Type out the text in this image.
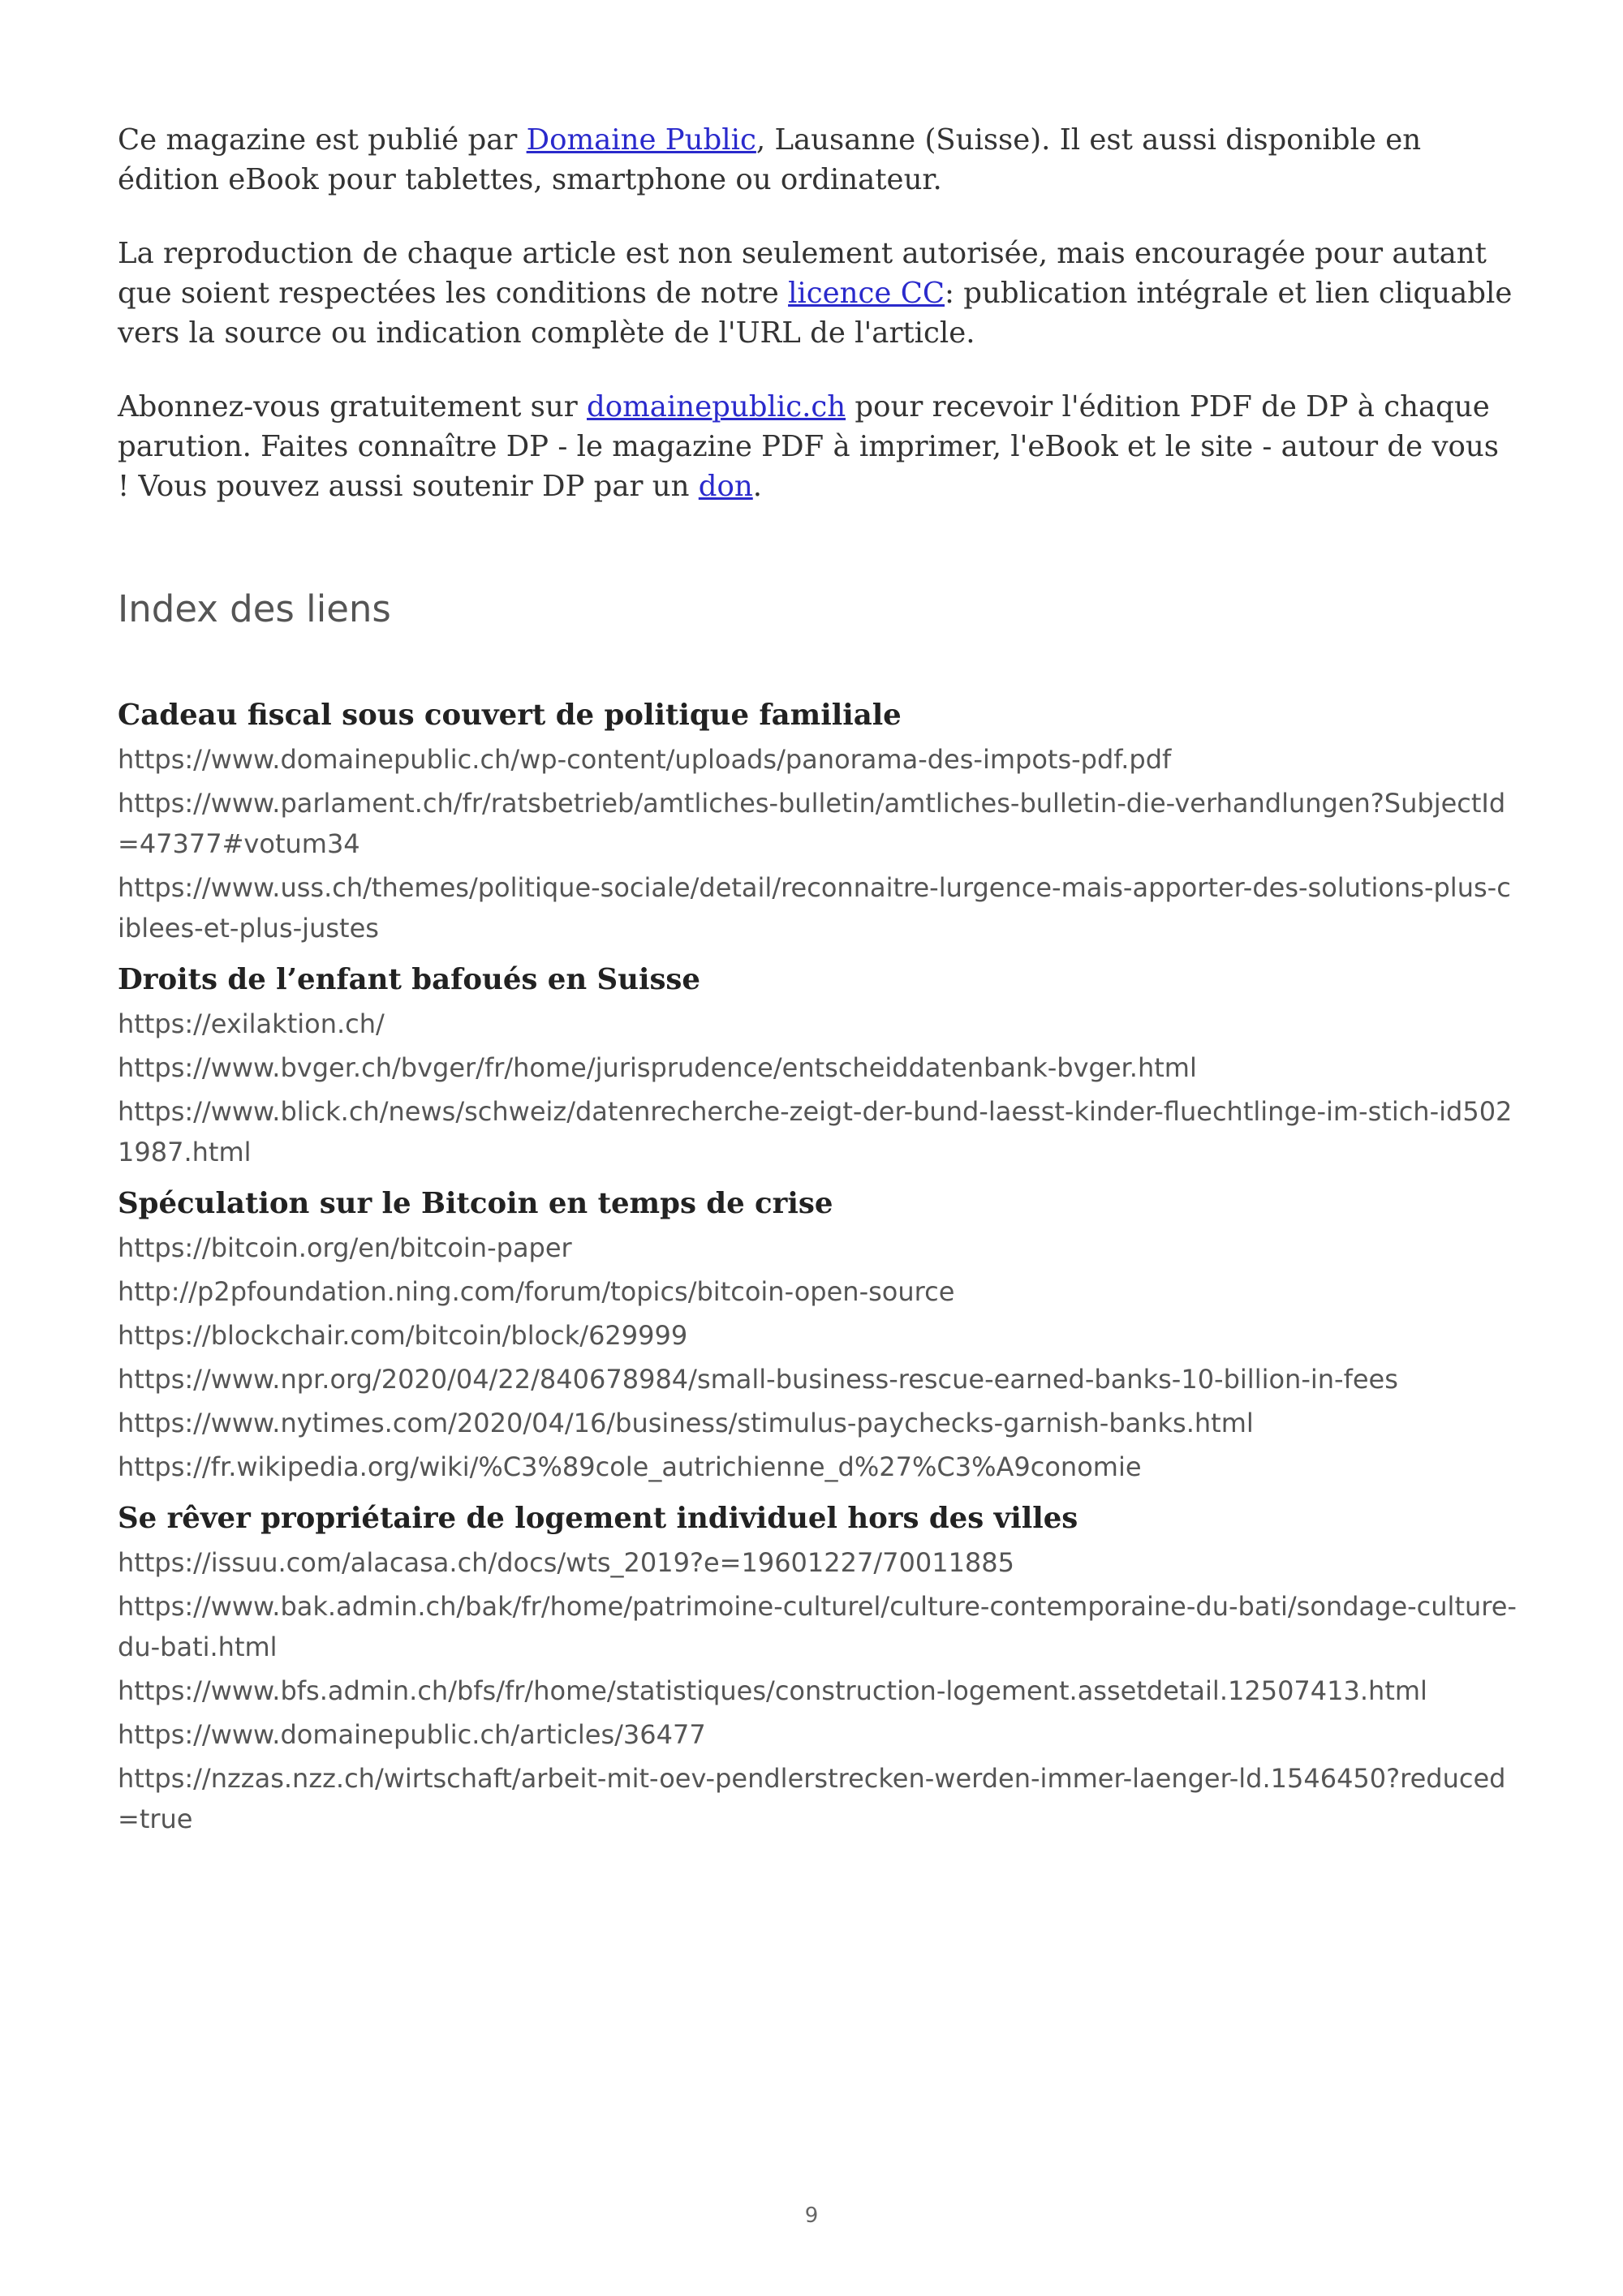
Ce magazine est publié par Domaine Public, Lausanne (Suisse). Il est aussi disponible en édition eBook pour tablettes, smartphone ou ordinateur.

La reproduction de chaque article est non seulement autorisée, mais encouragée pour autant que soient respectées les conditions de notre licence CC: publication intégrale et lien cliquable vers la source ou indication complète de l'URL de l'article.

Abonnez-vous gratuitement sur domainepublic.ch pour recevoir l'édition PDF de DP à chaque parution. Faites connaître DP - le magazine PDF à imprimer, l'eBook et le site - autour de vous ! Vous pouvez aussi soutenir DP par un don.

Index des liens
Cadeau fiscal sous couvert de politique familiale
https://www.domainepublic.ch/wp-content/uploads/panorama-des-impots-pdf.pdf
https://www.parlament.ch/fr/ratsbetrieb/amtliches-bulletin/amtliches-bulletin-die-verhandlungen?SubjectId=47377#votum34
https://www.uss.ch/themes/politique-sociale/detail/reconnaitre-lurgence-mais-apporter-des-solutions-plus-ciblees-et-plus-justes
Droits de l’enfant bafoués en Suisse
https://exilaktion.ch/
https://www.bvger.ch/bvger/fr/home/jurisprudence/entscheiddatenbank-bvger.html
https://www.blick.ch/news/schweiz/datenrecherche-zeigt-der-bund-laesst-kinder-fluechtlinge-im-stich-id5021987.html
Spéculation sur le Bitcoin en temps de crise
https://bitcoin.org/en/bitcoin-paper
http://p2pfoundation.ning.com/forum/topics/bitcoin-open-source
https://blockchair.com/bitcoin/block/629999
https://www.npr.org/2020/04/22/840678984/small-business-rescue-earned-banks-10-billion-in-fees
https://www.nytimes.com/2020/04/16/business/stimulus-paychecks-garnish-banks.html
https://fr.wikipedia.org/wiki/%C3%89cole_autrichienne_d%27%C3%A9conomie
Se rêver propriétaire de logement individuel hors des villes
https://issuu.com/alacasa.ch/docs/wts_2019?e=19601227/70011885
https://www.bak.admin.ch/bak/fr/home/patrimoine-culturel/culture-contemporaine-du-bati/sondage-culture-du-bati.html
https://www.bfs.admin.ch/bfs/fr/home/statistiques/construction-logement.assetdetail.12507413.html
https://www.domainepublic.ch/articles/36477
https://nzzas.nzz.ch/wirtschaft/arbeit-mit-oev-pendlerstrecken-werden-immer-laenger-ld.1546450?reduced=true
9
